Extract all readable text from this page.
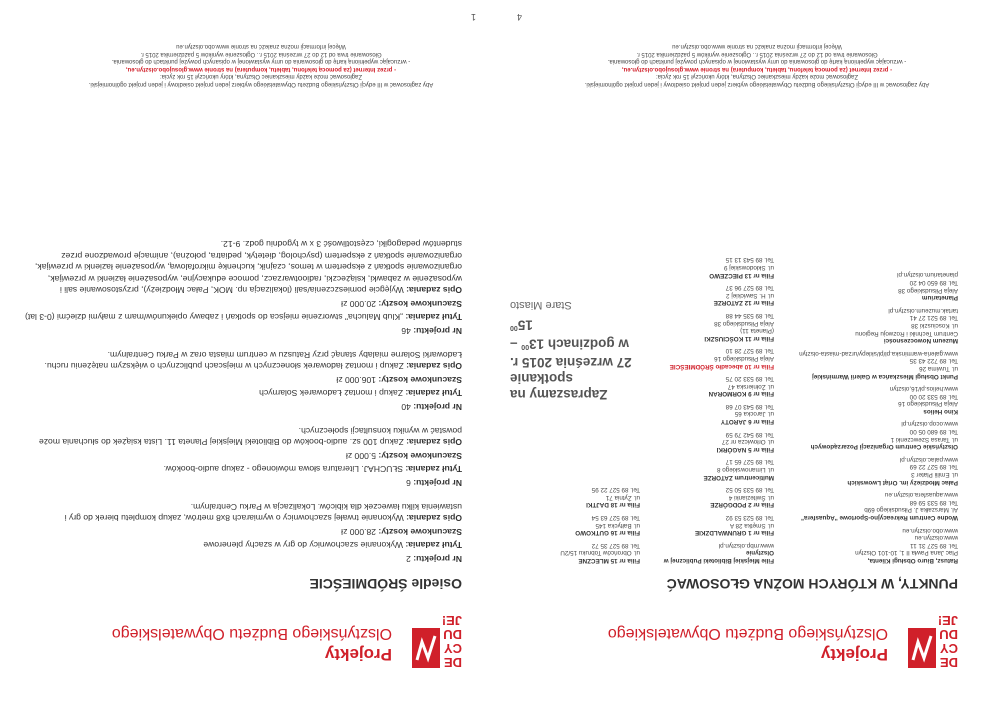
DE
CY
DU
JE!
Projekty
Olsztyńskiego Budżetu Obywatelskiego
PUNKTY, W KTÓRYCH MOŻNA GŁOSOWAĆ
Ratusz, Biuro Obsługi Klienta,
Plac Jana Pawła II 1, 10-101 Olsztyn
Tel. 89 527 31 11
www.olsztyn.eu
www.obo.olsztyn.eu
Wodne Centrum Rekreacyjno-Sportowe "Aquasfera"
Al. Marszałka J. Piłsudskiego 69b
Tel. 89 533 59 68
www.aquasfera.olsztyn.eu
Pałac Młodzieży im. Orląt Lwowskich
ul. Emilii Plater 3
Tel. 89 527 22 69
www.palac.olsztyn.pl
Olsztyńskie Centrum Organizacji Pozarządowych
ul. Tarasa Szewczenki 1
Tel. 89 680 05 00
www.ocop.olsztyn.pl
Kino Helios
Aleja Piłsudskiego 16
Tel. 89 533 20 00
www.helios.pl/16,olsztyn
Punkt Obsługi Mieszkańca w Galerii Warmińskiej
ul. Tuwima 26
Tel. 89 722 43 35
www.galeria-warminska.pl/pl/sklepy/urzad-miasta-olsztyn
Muzeum Nowoczesności
Centrum Techniki i Rozwoju Regionu
ul. Kosciuszki 38
Tel. 89 521 27 41
tartak.muzeum.olsztyn.pl
Planetarium
Aleja Piłsudskiego 38
Tel. 89 650 04 20
planetarium.olsztyn.pl
Filie Miejskiej Biblioteki Publicznej w Olsztynie
www.mbp.olsztyn.pl
Filia nr 1 GRUNWALDZKIE
ul. Smętka 28 A
Tel. 89 523 53 92
Filia nr 2 PODGÓRZE
ul. Świtezianki 4
Tel. 89 533 50 52
Multicentrum ZATORZE
ul. Limanowskiego 8
Tel. 89 527 65 17
Filia nr 5 NAGÓRKI
ul. Orłowicza nr 27
Tel. 89 542 79 59
Filia nr 6 JAROTY
ul. Jarocka 65
Tel. 89 543 07 68
Filia nr 9 KORMORAN
ul. Żołnierska 47
Tel. 89 533 20 75
Filia nr 10 abecadło ŚRÓDMIEŚCIE
Aleja Piłsudskiego 16
Tel. 89 527 28 10
Filia nr 11 KOŚCIUSZKI
(Planeta 11)
Aleja Piłsudskiego 38
Tel. 89 535 44 88
Filia nr 12 ZATORZE
ul. H. Sawickiej 2
Tel. 89 527 96 37
Filia nr 13 PIECZEWO
ul. Skłodowskiej 9
Tel. 89 543 13 15
Filia nr 15 MLECZNE
ul. Obrońców Tobruku 15/2U
Tel. 89 527 35 72
Filia nr 16 GUTKOWO
ul. Bałtycka 145
Tel. 89 527 63 54
Filia nr 18 DAJTKI
ul. Żytnia 71
Tel. 89 527 22 95
Zapraszamy na spotkanie
27 września 2015 r.
w godzinach $13^{00} - 15^{00}$
Stare Miasto
Aby zagłosować w III edycji Olsztyńskiego Budżetu Obywatelskiego wybierz jeden projekt osiedlowy i jeden projekt ogólnomiejski.
Zagłosować może każdy mieszkaniec Olsztyna, który ukończył 15 rok życia:
- przez Internet (za pomocą telefonu, tabletu, komputera) na stronie www.glosujobo.olsztyn.eu,
- wrzucając wypełnioną kartę do głosowania do urny wystawionej w opisanych powyżej punktach do głosowania.
Głosowanie trwa od 12 do 27 września 2015 r.. Ogłoszenie wyników 5 października 2015 r.
Więcej informacji można znaleźć na stronie www.obo.olsztyn.eu
4
DE
CY
DU
JE!
Projekty
Olsztyńskiego Budżetu Obywatelskiego
Osiedle ŚRÓDMIEŚCIE
Nr projektu: 2
Tytuł zadania: Wykonanie szachownicy do gry w szachy plenerowe
Szacunkowe koszty: 28.000 zł
Opis zadania: Wykonanie trwałej szachownicy o wymiarach 8x8 metrów, zakup kompletu bierek do gry i ustawienia kilku ławeczek dla kibiców. Lokalizacja w Parku Centralnym.
Nr projektu: 6
Tytuł zadania: SŁUCHAJ. Literatura słowa mówionego - zakup audio-booków.
Szacunkowe koszty: 5.000 zł
Opis zadania: Zakup 100 sz. audio-booków do Biblioteki Miejskiej Planeta 11. Lista książek do słuchania może powstać w wyniku konsultacji społecznych.
Nr projektu: 40
Tytuł zadania: Zakup i montaż Ładowarek Solarnych
Szacunkowe koszty: 106.000 zł
Opis zadania: Zakup i montaż ładowarek słonecznych w miejscach publicznych o większym natężeniu ruchu. Ładowarki Solarne mialaby stanąć przy Ratuszu w centrum miasta oraz w Parku Centralnym.
Nr projektu: 46
Tytuł zadania: „Klub Maluchа" stworzenie miejsca do spotkań i zabawy opiekunów/mam z małymi dziećmi (0-3 lat)
Szacunkowe koszty: 20.000 zł
Opis zadania: Wyjęgcie pomieszczenia/sali (lokalizacja np. MOK, Pałac Młodzieży), przystosowanie sali i wyposażenie w zabawki, książeczki, radiootwarzacz, pomoce edukacyjne, wyposażenie łazienki w przewijak, organizowanie spotkań z ekspertem w temos, czajnik, kuchenkę mikrofalową, wyposażenie łazienki w przewijak, organizowanie spotkań z ekspertem (psycholog, dietetyk, pediatra, położna), animacje prowadzone przez studentów pedagogiki, częstotliwość 3 x w tygodniu godz. 9-12.
Aby zagłosować w III edycji Olsztyńskiego Budżetu Obywatelskiego wybierz jeden projekt osiedlowy i jeden projekt ogólnomiejski.
Zagłosować może każdy mieszkaniec Olsztyna, który ukończył 15 rok życia:
- przez Internet (za pomocą telefonu, tabletu, komputera) na stronie www.glosujobo.olsztyn.eu,
- wrzucając wypełnioną kartę do głosowania do urny wystawionej w opisanych powyżej punktach do głosowania.
Głosowanie trwa od 12 do 27 września 2015 r.. Ogłoszenie wyników 5 października 2015 r.
Więcej informacji można znaleźć na stronie www.obo.olsztyn.eu
1
